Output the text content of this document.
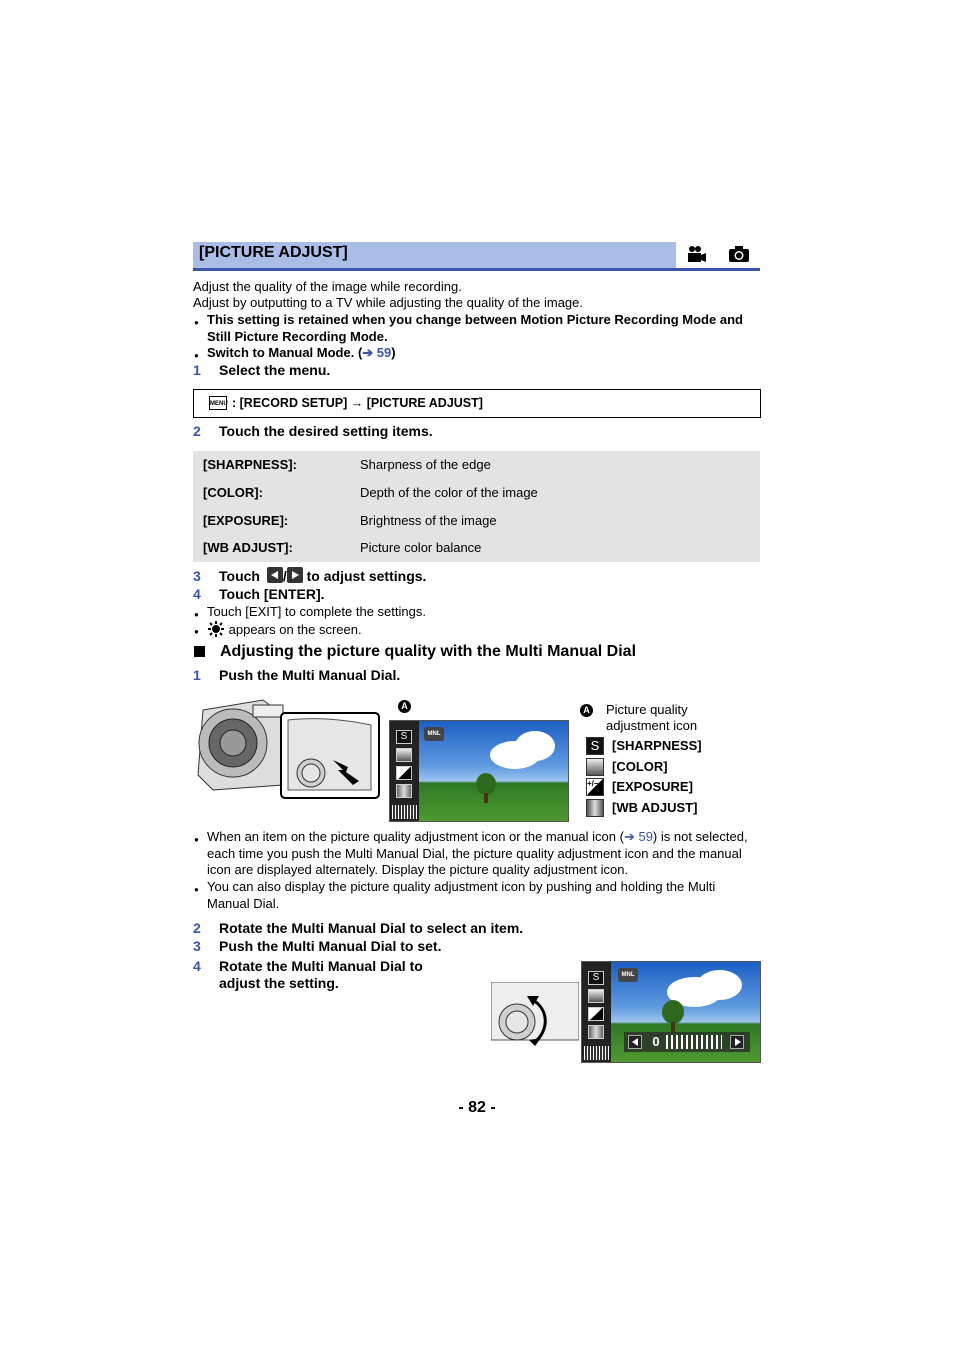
[PICTURE ADJUST]
Adjust the quality of the image while recording.
Adjust by outputting to a TV while adjusting the quality of the image.
● This setting is retained when you change between Motion Picture Recording Mode and Still Picture Recording Mode.
● Switch to Manual Mode. (➔ 59)
1 Select the menu.
MENU : [RECORD SETUP] → [PICTURE ADJUST]
2 Touch the desired setting items.
[SHARPNESS]:	Sharpness of the edge
[COLOR]:	Depth of the color of the image
[EXPOSURE]:	Brightness of the image
[WB ADJUST]:	Picture color balance
3 Touch / to adjust settings.
4 Touch [ENTER].
● Touch [EXIT] to complete the settings.
● appears on the screen.
Adjusting the picture quality with the Multi Manual Dial
1 Push the Multi Manual Dial.
A
S	MNL
A Picture quality
adjustment icon
S [SHARPNESS]
[COLOR]
+/−	[EXPOSURE]
[WB ADJUST]
● When an item on the picture quality adjustment icon or the manual icon (➔ 59) is not selected, each time you push the Multi Manual Dial, the picture quality adjustment icon and the manual icon are displayed alternately. Display the picture quality adjustment icon.
● You can also display the picture quality adjustment icon by pushing and holding the Multi Manual Dial.
2 Rotate the Multi Manual Dial to select an item.
3 Push the Multi Manual Dial to set.
4 Rotate the Multi Manual Dial to
adjust the setting.	S	MNL
0
- 82 -
